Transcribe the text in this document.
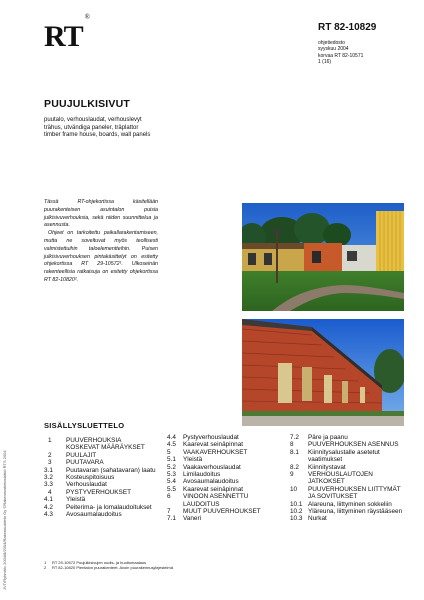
RT®
RT 82-10829
ohjetiedosto
syyskuu 2004
korvaa RT 82-10571
1 (16)
PUUJULKISIVUT
puutalo, verhouslaudat, verhouslevyt
trähus, utvändiga paneler, träplattor
timber frame house, boards, wall panels

Tässä RT-ohjekortissa käsitellään puurakenteisen asuintalon puisia julkisivuverhouksia, sekä niiden suunnittelua ja asennusta.

Ohjeet on tarkoitettu paikallarakentamiseen, mutta ne soveltuvat myös teollisesti valmistettuihin taloelementteihin. Puisen julkisivuverhouksen pintakäsittelyt on esitetty ohjekortissa RT 29-10572¹. Ulkoseinän rakenteellisia ratkaisuja on esitetty ohjekortissa RT 82-10820².

JVT/Ryhmä/c 2004/8/2004/Rakennustieto Oy ©Rakennustietosäätiö RTS 2004
SISÄLLYSLUETTELO
1	PUUVERHOUKSIA KOSKEVAT MÄÄRÄYKSET
2	PUULAJIT
3	PUUTAVARA
3.1	Puutavaran (sahatavaran) laatu
3.2	Kosteuspitoisuus
3.3	Verhouslaudat
4	PYSTYVERHOUKSET
4.1	Yleistä
4.2	Peiterima- ja lomalaudoitukset
4.3	Avosaumalaudoitus
4.4	Pystyverhouslaudat
4.5	Kaarevat seinäpinnat
5	VAAKAVERHOUKSET
5.1	Yleistä
5.2	Vaakaverhouslaudat
5.3	Limilaudoitus
5.4	Avosaumalaudoitus
5.5	Kaarevat seinäpinnat
6	VINOON ASENNETTU LAUDOITUS
7	MUUT PUUVERHOUKSET
7.1	Vaneri
7.2	Päre ja paanu
8	PUUVERHOUKSEN ASENNUS
8.1	Kiinnitysalustalle asetetut vaatimukset
8.2	Kiinnitystavat
9	VERHOUSLAUTOJEN JATKOKSET
10	PUUVERHOUKSEN LIITTYMÄT JA SOVITUKSET
10.1 Alareuna, liittyminen sokkeliin
10.2 Yläreuna, liittyminen räystääseen
10.3 Nurkat
1	RT 29-10572 Puujulkisivujen uudis- ja huoltomaalaus
2	RT 82-10820 Pientalon puurakenteet. Avoin puurakennusjärjestelmä
